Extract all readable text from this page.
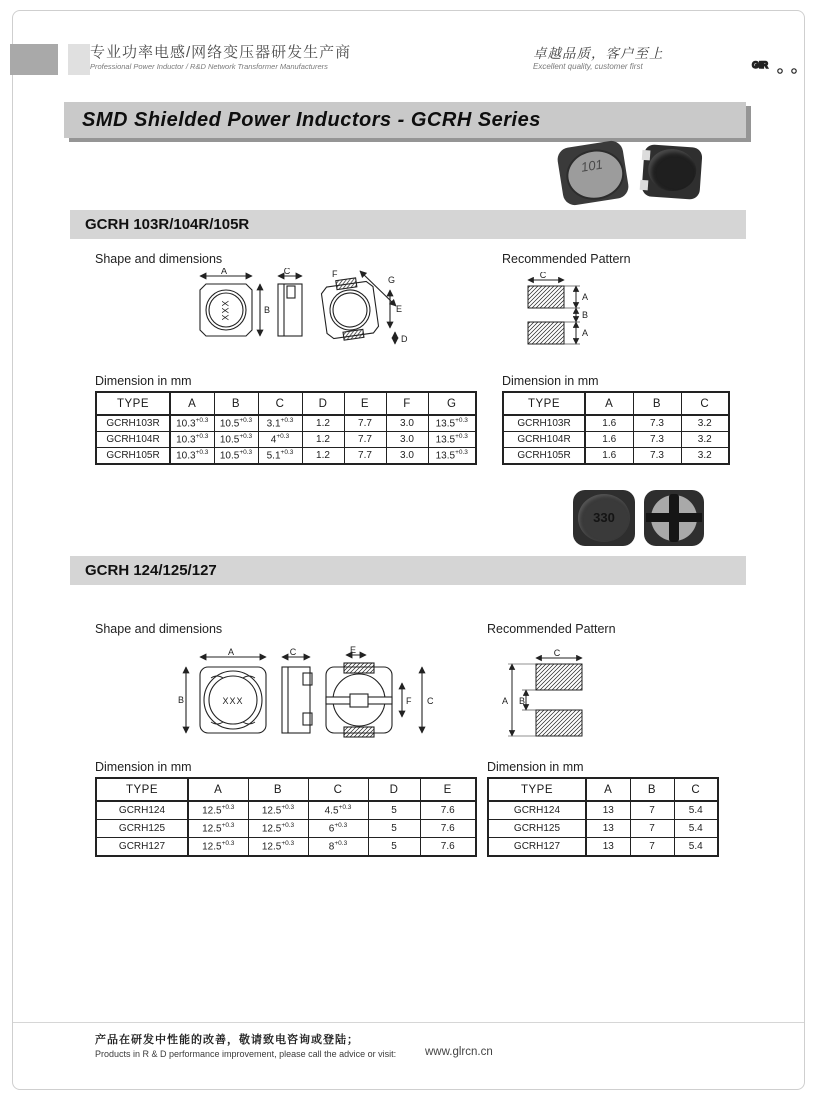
专业功率电感/网络变压器研发生产商
Professional Power Inductor / R&D Network Transformer Manufacturers
卓越品质，客户至上
Excellent quality, customer first	GlR
SMD Shielded Power Inductors - GCRH Series
101
GCRH 103R/104R/105R
Shape and dimensions	Recommended Pattern
A
B
XXX
C	F
G
E
D
C
A
B
A
Dimension in mm	Dimension in mm
TYPE	A	B	C	D	E	F	G
GCRH103R	$10.3^{+0.3}$	$10.5^{+0.3}$	$3.1^{+0.3}$	1.2	7.7	3.0	$13.5^{+0.3}$
GCRH104R	$10.3^{+0.3}$	$10.5^{+0.3}$	$4^{+0.3}$	1.2	7.7	3.0	$13.5^{+0.3}$
GCRH105R	$10.3^{+0.3}$	$10.5^{+0.3}$	$5.1^{+0.3}$	1.2	7.7	3.0	$13.5^{+0.3}$
TYPE	A	B	C
GCRH103R	1.6	7.3	3.2
GCRH104R	1.6	7.3	3.2
GCRH105R	1.6	7.3	3.2
330
GCRH 124/125/127
Shape and dimensions	Recommended Pattern
A
B	XXX
C	E
F C
C
A B
Dimension in mm	Dimension in mm
TYPE	A	B	C	D	E
GCRH124	$12.5^{+0.3}$	$12.5^{+0.3}$	$4.5^{+0.3}$	5	7.6
GCRH125	$12.5^{+0.3}$	$12.5^{+0.3}$	$6^{+0.3}$	5	7.6
GCRH127	$12.5^{+0.3}$	$12.5^{+0.3}$	$8^{+0.3}$	5	7.6
TYPE	A	B	C
GCRH124	13	7	5.4
GCRH125	13	7	5.4
GCRH127	13	7	5.4
产品在研发中性能的改善，敬请致电咨询或登陆；
Products in R & D performance improvement, please call the advice or visit:	www.glrcn.cn
